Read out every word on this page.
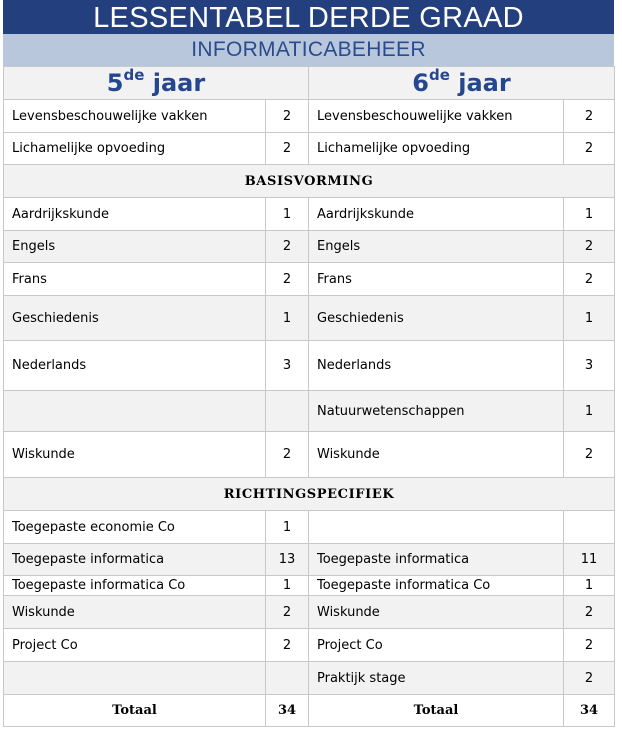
LESSENTABEL DERDE GRAAD
INFORMATICABEHEER
5de jaar		6de jaar	
Levensbeschouwelijke vakken	2	Levensbeschouwelijke vakken	2
Lichamelijke opvoeding	2	Lichamelijke opvoeding	2
BASISVORMING			
Aardrijkskunde	1	Aardrijkskunde	1
Engels	2	Engels	2
Frans	2	Frans	2
Geschiedenis	1	Geschiedenis	1
Nederlands	3	Nederlands	3
		Natuurwetenschappen	1
Wiskunde	2	Wiskunde	2
RICHTINGSPECIFIEK			
Toegepaste economie Co	1		
Toegepaste informatica	13	Toegepaste informatica	11
Toegepaste informatica Co	1	Toegepaste informatica Co	1
Wiskunde	2	Wiskunde	2
Project Co	2	Project Co	2
		Praktijk stage	2
Totaal	34	Totaal	34
